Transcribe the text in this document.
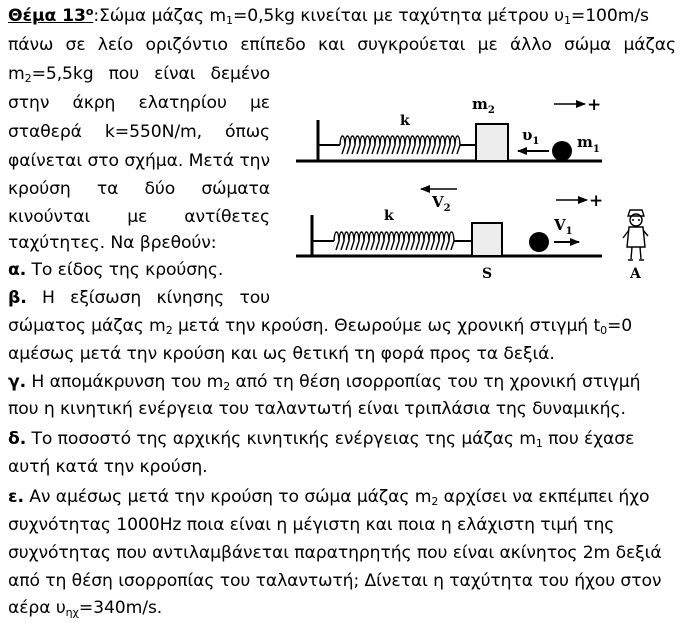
Θέμα $13^o:\Sigma ώ\mu\alpha$ μάζας $m_1=0,5kg$ κινείται με ταχύτητα μέτρου $\upsilon_1=100m/s$
πάνω σε λείο οριζόντιο επίπεδο και συγκρούεται με άλλο σώμα μάζας
$m_2=5,5kg$ που είναι δεμένο
στην άκρη ελατηρίου με
σταθερά k=550N/m, όπως
φαίνεται στο σχήμα. Μετά την
κρούση τα δύο σώματα
κινούνται με αντίθετες
ταχύτητες. Να βρεθούν:
α. Το είδος της κρούσης.
β. Η εξίσωση κίνησης του
σώματος μάζας $m_2$ μετά την κρούση. Θεωρούμε ως χρονική στιγμή $t_0=0$
αμέσως μετά την κρούση και ως θετική τη φορά προς τα δεξιά.
γ. Η απομάκρυνση του $m_2$ από τη θέση ισορροπίας του τη χρονική στιγμή
που η κινητική ενέργεια του ταλαντωτή είναι τριπλάσια της δυναμικής.
δ. Το ποσοστό της αρχικής κινητικής ενέργειας της μάζας $m_1$ που έχασε
αυτή κατά την κρούση.
ε. Αν αμέσως μετά την κρούση το σώμα μάζας $m_2$ αρχίσει να εκπέμπει ήχο
συχνότητας 1000Hz ποια είναι η μέγιστη και ποια η ελάχιστη τιμή της
συχνότητας που αντιλαμβάνεται παρατηρητής που είναι ακίνητος 2m δεξιά
από τη θέση ισορροπίας του ταλαντωτή; Δίνεται η ταχύτητα του ήχου στον
αέρα $\upsilon_{\eta\chi}=340m/s$.
k
$m_2$	+
$\upsilon_1$	$m_1$
k
$V_2$	+
$V_1$
S	A
